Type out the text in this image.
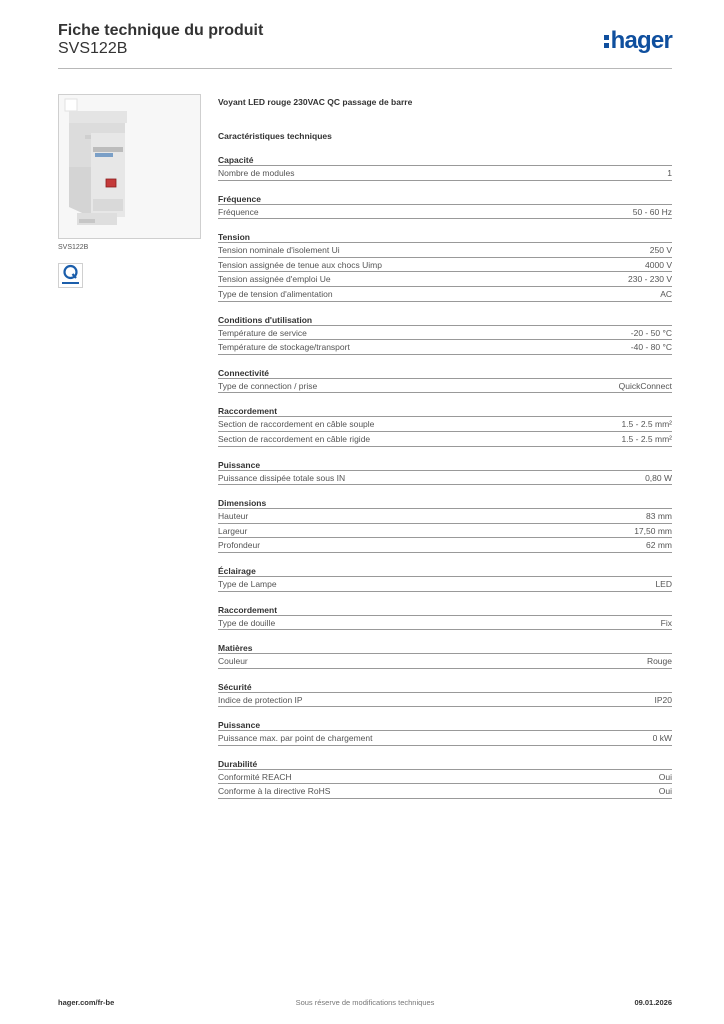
Fiche technique du produit
SVS122B	hager
SVS122B
Voyant LED rouge 230VAC QC passage de barre
Caractéristiques techniques
Capacité
Nombre de modules	1
Fréquence
Fréquence	50 - 60 Hz
Tension
Tension nominale d'isolement Ui	250 V
Tension assignée de tenue aux chocs Uimp	4000 V
Tension assignée d'emploi Ue	230 - 230 V
Type de tension d'alimentation	AC
Conditions d'utilisation
Température de service	-20 - 50 °C
Température de stockage/transport	-40 - 80 °C
Connectivité
Type de connection / prise	QuickConnect
Raccordement
Section de raccordement en câble souple	1.5 - 2.5 mm²
Section de raccordement en câble rigide	1.5 - 2.5 mm²
Puissance
Puissance dissipée totale sous IN	0,80 W
Dimensions
Hauteur	83 mm
Largeur	17,50 mm
Profondeur	62 mm
Éclairage
Type de Lampe	LED
Raccordement
Type de douille	Fix
Matières
Couleur	Rouge
Sécurité
Indice de protection IP	IP20
Puissance
Puissance max. par point de chargement	0 kW
Durabilité
Conformité REACH	Oui
Conforme à la directive RoHS	Oui
hager.com/fr-be	Sous réserve de modifications techniques	09.01.2026
